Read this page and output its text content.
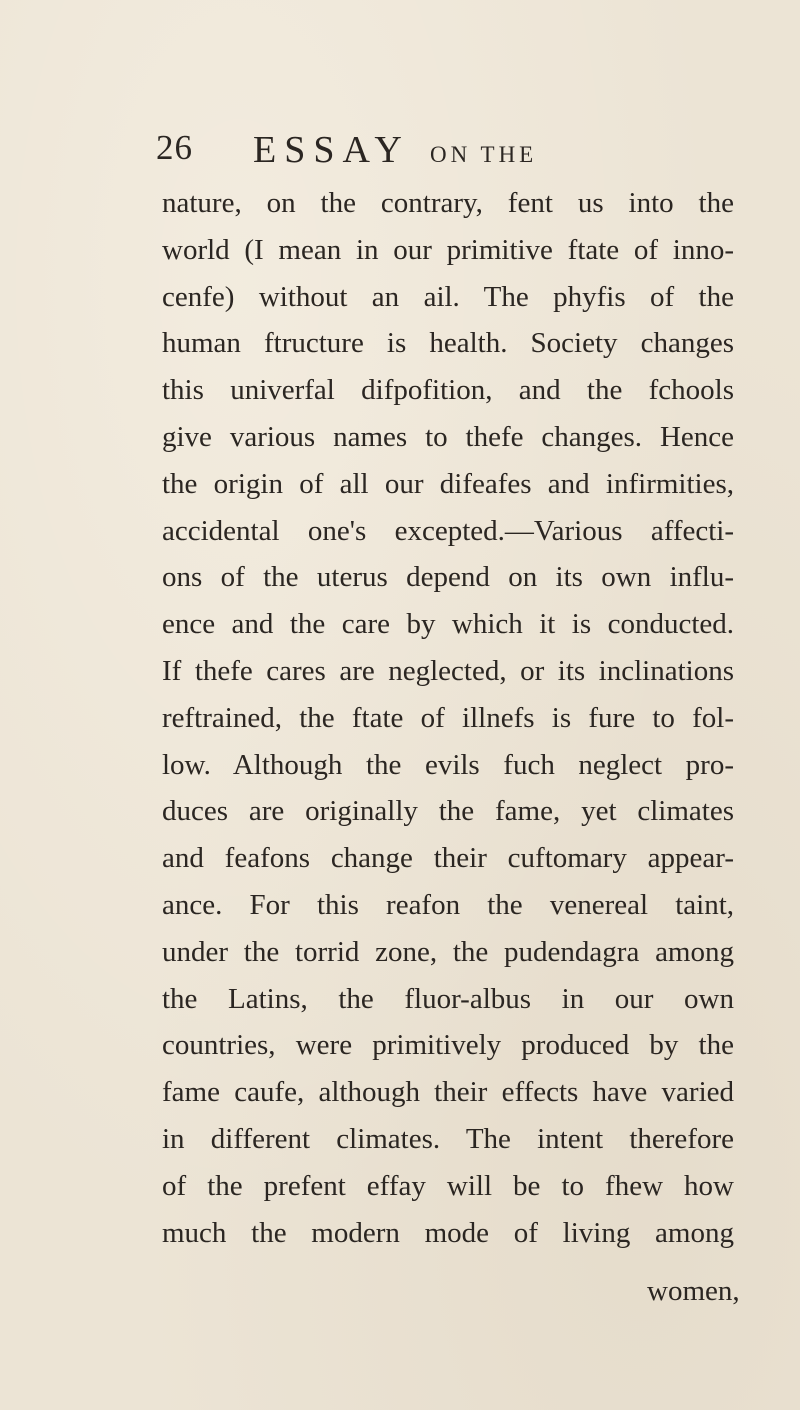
26 ESSAY ON THE
nature, on the contrary, fent us into the
world (I mean in our primitive ftate of inno-
cenfe) without an ail. The phyfis of the
human ftructure is health. Society changes
this univerfal difpofition, and the fchools
give various names to thefe changes. Hence
the origin of all our difeafes and infirmities,
accidental one's excepted.—Various affecti-
ons of the uterus depend on its own influ-
ence and the care by which it is conducted.
If thefe cares are neglected, or its inclinations
reftrained, the ftate of illnefs is fure to fol-
low. Although the evils fuch neglect pro-
duces are originally the fame, yet climates
and feafons change their cuftomary appear-
ance. For this reafon the venereal taint,
under the torrid zone, the pudendagra among
the Latins, the fluor-albus in our own
countries, were primitively produced by the
fame caufe, although their effects have varied
in different climates. The intent therefore
of the prefent effay will be to fhew how
much the modern mode of living among
women,
